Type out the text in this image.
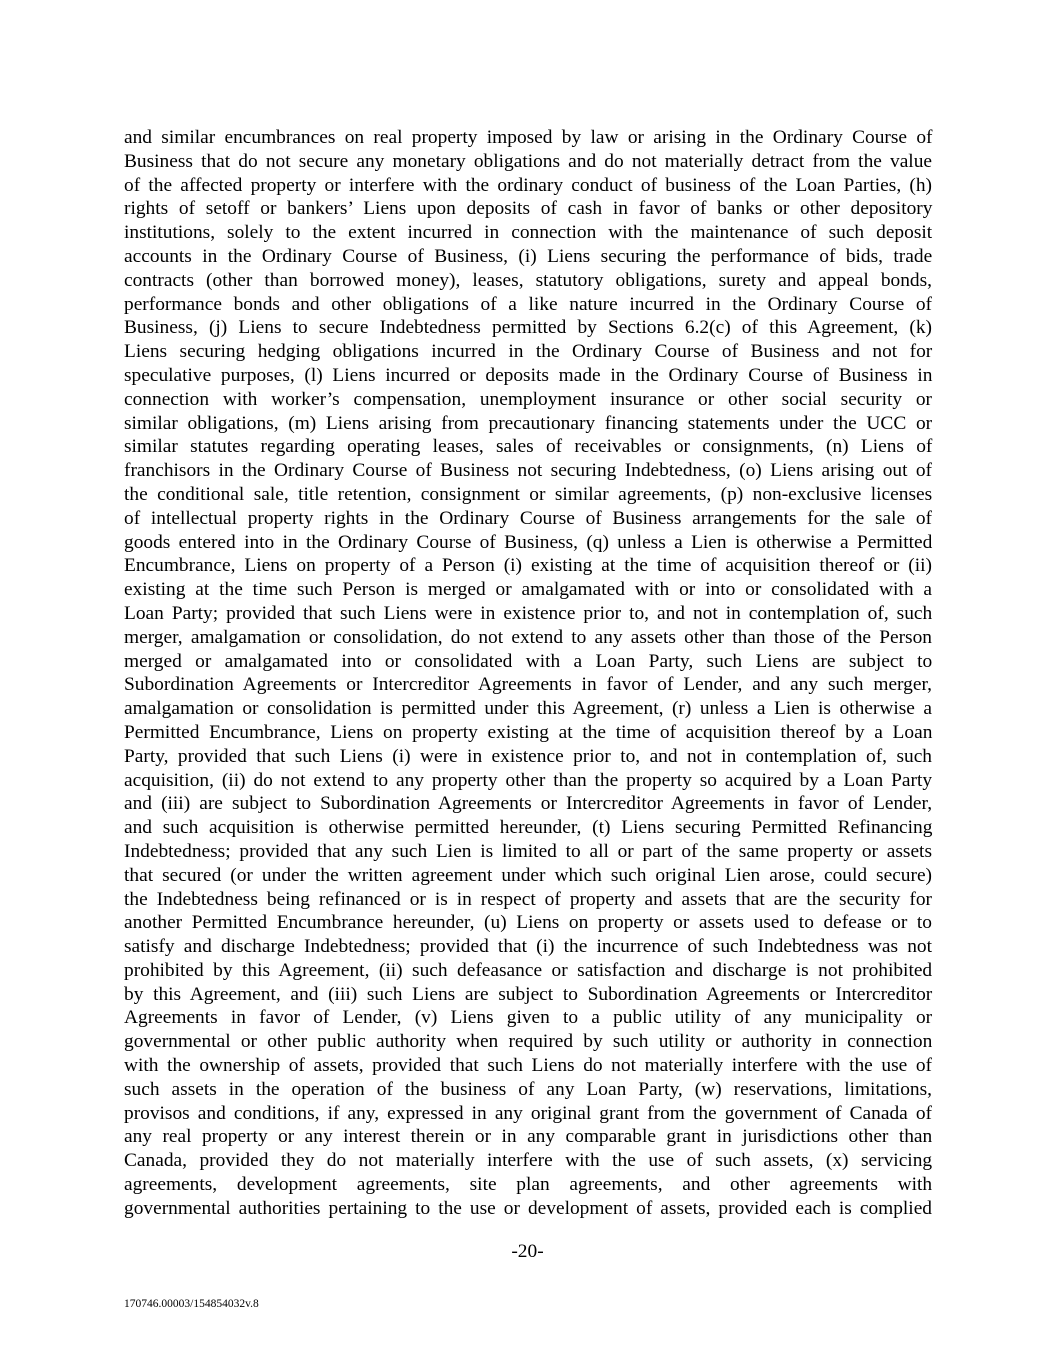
and similar encumbrances on real property imposed by law or arising in the Ordinary Course of
Business that do not secure any monetary obligations and do not materially detract from the value
of the affected property or interfere with the ordinary conduct of business of the Loan Parties, (h)
rights of setoff or bankers’ Liens upon deposits of cash in favor of banks or other depository
institutions, solely to the extent incurred in connection with the maintenance of such deposit
accounts in the Ordinary Course of Business, (i) Liens securing the performance of bids, trade
contracts (other than borrowed money), leases, statutory obligations, surety and appeal bonds,
performance bonds and other obligations of a like nature incurred in the Ordinary Course of
Business, (j) Liens to secure Indebtedness permitted by Sections 6.2(c) of this Agreement, (k)
Liens securing hedging obligations incurred in the Ordinary Course of Business and not for
speculative purposes, (l) Liens incurred or deposits made in the Ordinary Course of Business in
connection with worker’s compensation, unemployment insurance or other social security or
similar obligations, (m) Liens arising from precautionary financing statements under the UCC or
similar statutes regarding operating leases, sales of receivables or consignments, (n) Liens of
franchisors in the Ordinary Course of Business not securing Indebtedness, (o) Liens arising out of
the conditional sale, title retention, consignment or similar agreements, (p) non-exclusive licenses
of intellectual property rights in the Ordinary Course of Business arrangements for the sale of
goods entered into in the Ordinary Course of Business, (q) unless a Lien is otherwise a Permitted
Encumbrance, Liens on property of a Person (i) existing at the time of acquisition thereof or (ii)
existing at the time such Person is merged or amalgamated with or into or consolidated with a
Loan Party; provided that such Liens were in existence prior to, and not in contemplation of, such
merger, amalgamation or consolidation, do not extend to any assets other than those of the Person
merged or amalgamated into or consolidated with a Loan Party, such Liens are subject to
Subordination Agreements or Intercreditor Agreements in favor of Lender, and any such merger,
amalgamation or consolidation is permitted under this Agreement, (r) unless a Lien is otherwise a
Permitted Encumbrance, Liens on property existing at the time of acquisition thereof by a Loan
Party, provided that such Liens (i) were in existence prior to, and not in contemplation of, such
acquisition, (ii) do not extend to any property other than the property so acquired by a Loan Party
and (iii) are subject to Subordination Agreements or Intercreditor Agreements in favor of Lender,
and such acquisition is otherwise permitted hereunder, (t) Liens securing Permitted Refinancing
Indebtedness; provided that any such Lien is limited to all or part of the same property or assets
that secured (or under the written agreement under which such original Lien arose, could secure)
the Indebtedness being refinanced or is in respect of property and assets that are the security for
another Permitted Encumbrance hereunder, (u) Liens on property or assets used to defease or to
satisfy and discharge Indebtedness; provided that (i) the incurrence of such Indebtedness was not
prohibited by this Agreement, (ii) such defeasance or satisfaction and discharge is not prohibited
by this Agreement, and (iii) such Liens are subject to Subordination Agreements or Intercreditor
Agreements in favor of Lender, (v) Liens given to a public utility of any municipality or
governmental or other public authority when required by such utility or authority in connection
with the ownership of assets, provided that such Liens do not materially interfere with the use of
such assets in the operation of the business of any Loan Party, (w) reservations, limitations,
provisos and conditions, if any, expressed in any original grant from the government of Canada of
any real property or any interest therein or in any comparable grant in jurisdictions other than
Canada, provided they do not materially interfere with the use of such assets, (x) servicing
agreements, development agreements, site plan agreements, and other agreements with
governmental authorities pertaining to the use or development of assets, provided each is complied
-20-
170746.00003/154854032v.8
